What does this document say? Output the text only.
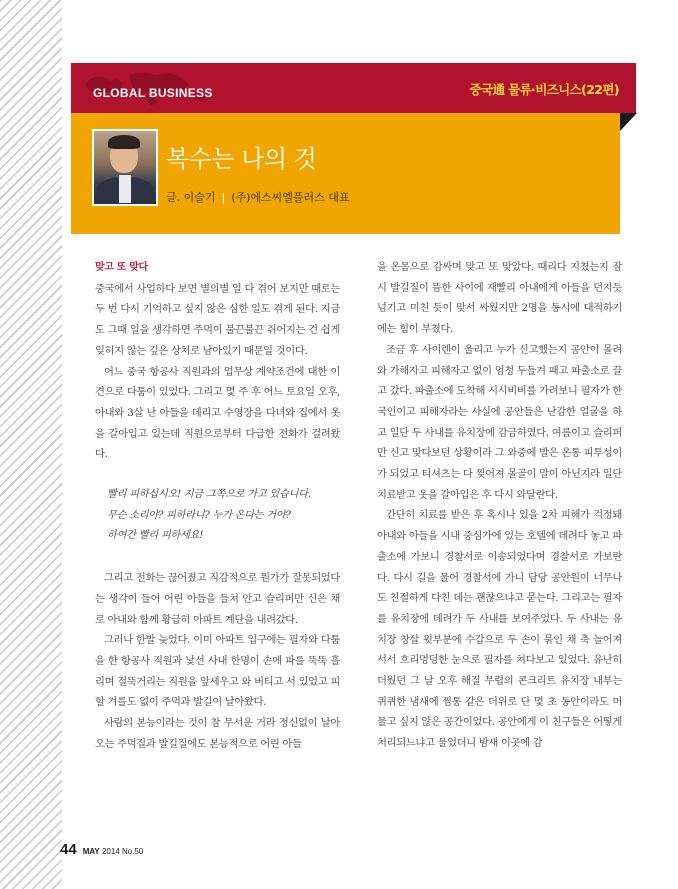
GLOBAL BUSINESS	중국通 물류·비즈니스(22편)
복수는 나의 것
글. 이슬기 | (주)에스씨엘플러스 대표
맞고 또 맞다

중국에서 사업하다 보면 별의별 일 다 겪어 보지만 때로는 두 번 다시 기억하고 싶지 않은 심한 일도 겪게 된다. 지금도 그때 일을 생각하면 주먹이 불끈불끈 쥐어지는 건 쉽게 잊히지 않는 깊은 상처로 남아있기 때문일 것이다.

어느 중국 항공사 직원과의 업무상 계약조건에 대한 이견으로 다툼이 있었다. 그리고 몇 주 후 어느 토요일 오후, 아내와 3살 난 아들을 데리고 수영장을 다녀와 집에서 옷을 갈아입고 있는데 직원으로부터 다급한 전화가 걸려왔다.

빨리 피하십시오! 지금 그쪽으로 가고 있습니다.
무슨 소리야? 피하라니? 누가 온다는 거야?
하여간 빨리 피하세요!

그리고 전화는 끊어졌고 직감적으로 뭔가가 잘못되었다는 생각이 들어 어린 아들을 들쳐 안고 슬리퍼만 신은 채로 아내와 함께 황급히 아파트 계단을 내려갔다.

그러나 한발 늦었다. 이미 아파트 입구에는 필자와 다툼을 한 항공사 직원과 낯선 사내 한명이 손에 파를 뚝뚝 흘리며 절뚝거리는 직원을 앞세우고 와 버티고 서 있었고 피할 겨를도 없이 주먹과 발길이 날아왔다.

사람의 본능이라는 것이 참 무서운 거라 정신없이 날아오는 주먹질과 발길질에도 본능적으로 어린 아들

을 온몸으로 감싸며 맞고 또 맞았다. 때리다 지쳤는지 잠시 발길질이 뜸한 사이에 재빨리 아내에게 아들을 던지듯 넘기고 미친 듯이 맞서 싸웠지만 2명을 동시에 대적하기에는 힘이 부쳤다.

조금 후 사이렌이 울리고 누가 신고했는지 공안이 몰려와 가해자고 피해자고 없이 엄청 두들겨 패고 파출소로 끌고 갔다. 파출소에 도착해 시시비비를 가려보니 필자가 한국인이고 피해자라는 사실에 공안들은 난감한 얼굴을 하고 일단 두 사내를 유치장에 감금하였다. 여름이고 슬리퍼만 신고 맞다보던 상황이라 그 와중에 발은 온통 피투성이가 되었고 티셔츠는 다 찢어져 몰골이 말이 아닌지라 일단 치료받고 옷을 갈아입은 후 다시 와달란다.

간단히 치료를 받은 후 혹시나 있을 2차 피해가 걱정돼 아내와 아들을 시내 중심가에 있는 호텔에 데려다 놓고 파출소에 가보니 경찰서로 이송되었다며 경찰서로 가보란다. 다시 길을 물어 경찰서에 가니 담당 공안원이 너무나도 친절하게 다친 데는 괜찮으냐고 묻는다. 그리고는 필자를 유치장에 데려가 두 사내를 보여주었다. 두 사내는 유치장 창살 윗부분에 수갑으로 두 손이 묶인 채 축 늘어져 서서 흐리멍덩한 눈으로 필자를 쳐다보고 있었다. 유난히 더웠던 그 날 오후 해질 무렵의 콘크리트 유치장 내부는 퀴퀴한 냄새에 찜통 같은 더위로 단 몇 초 동안이라도 머물고 싶지 않은 공간이었다. 공안에게 이 친구들은 어떻게 처리되느냐고 물었더니 밤새 이곳에 감

44 MAY 2014 No.50
